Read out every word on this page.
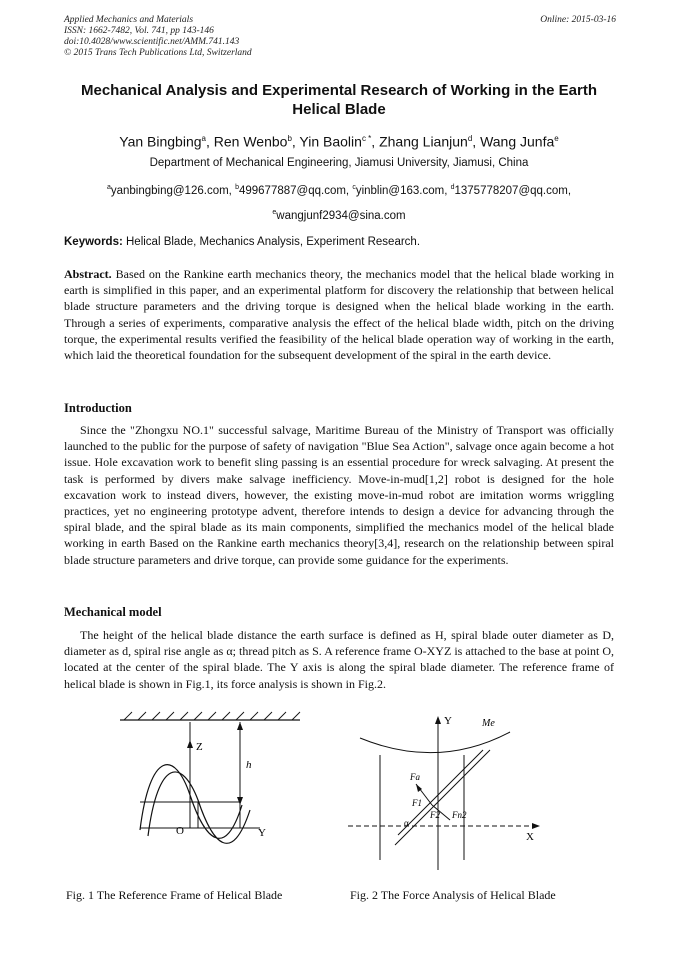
Applied Mechanics and Materials
ISSN: 1662-7482, Vol. 741, pp 143-146
doi:10.4028/www.scientific.net/AMM.741.143
© 2015 Trans Tech Publications Ltd, Switzerland
Online: 2015-03-16
Mechanical Analysis and Experimental Research of Working in the Earth
Helical Blade
Yan Bingbing$^a$, Ren Wenbo$^b$, Yin Baolin$^{c *}$, Zhang Lianjun$^d$, Wang Junfa$^e$
Department of Mechanical Engineering, Jiamusi University, Jiamusi, China
$^a$yanbingbing@126.com, $^b$499677887@qq.com, $^c$yinblin@163.com, $^d$1375778207@qq.com,
$^e$wangjunf2934@sina.com
Keywords: Helical Blade, Mechanics Analysis, Experiment Research.
Abstract. Based on the Rankine earth mechanics theory, the mechanics model that the helical blade working in earth is simplified in this paper, and an experimental platform for discovery the relationship that between helical blade structure parameters and the driving torque is designed when the helical blade working in the earth. Through a series of experiments, comparative analysis the effect of the helical blade width, pitch on the driving torque, the experimental results verified the feasibility of the helical blade operation way of working in the earth, which laid the theoretical foundation for the subsequent development of the spiral in the earth device.
Introduction
Since the "Zhongxu NO.1" successful salvage, Maritime Bureau of the Ministry of Transport was officially launched to the public for the purpose of safety of navigation "Blue Sea Action", salvage once again become a hot issue. Hole excavation work to benefit sling passing is an essential procedure for wreck salvaging. At present the task is performed by divers make salvage inefficiency. Move-in-mud[1,2] robot is designed for the hole excavation work to instead divers, however, the existing move-in-mud robot are imitation worms wriggling practices, yet no engineering prototype advent, therefore intends to design a device for advancing through the spiral blade, and the spiral blade as its main components, simplified the mechanics model of the helical blade working in earth Based on the Rankine earth mechanics theory[3,4], research on the relationship between spiral blade structure parameters and drive torque, can provide some guidance for the experiments.
Mechanical model
The height of the helical blade distance the earth surface is defined as H, spiral blade outer diameter as D, diameter as d, spiral rise angle as α; thread pitch as S. A reference frame O-XYZ is attached to the base at point O, located at the center of the spiral blade. The Y axis is along the spiral blade diameter. The reference frame of helical blade is shown in Fig.1, its force analysis is shown in Fig.2.
Z
h
O	Y
Fig. 1 The Reference Frame of Helical Blade
Me
Y
X
Fa
F1
F2 Fn2
α
Fig. 2 The Force Analysis of Helical Blade
